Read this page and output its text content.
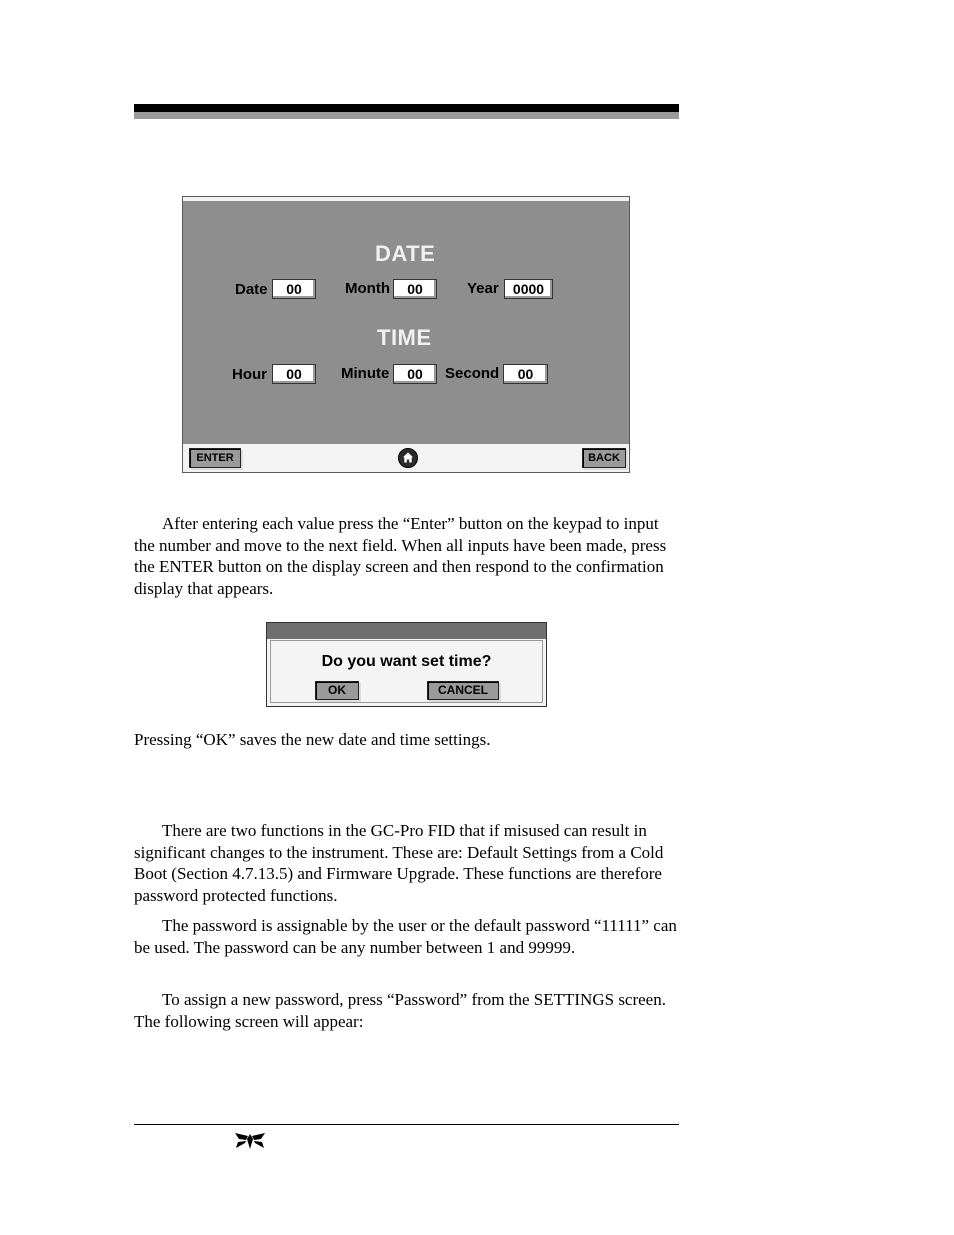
DATE
Date	00	Month	00	Year	0000
TIME
Hour	00	Minute	00	Second	00
ENTER	BACK

After entering each value press the “Enter” button on the keypad to input the number and move to the next field. When all inputs have been made, press the ENTER button on the display screen and then respond to the confirmation display that appears.

Do you want set time?
OK	CANCEL

Pressing “OK” saves the new date and time settings.

There are two functions in the GC-Pro FID that if misused can result in significant changes to the instrument. These are: Default Settings from a Cold Boot (Section 4.7.13.5) and Firmware Upgrade. These functions are therefore password protected functions.

The password is assignable by the user or the default password “11111” can be used. The password can be any number between 1 and 99999.

To assign a new password, press “Password” from the SETTINGS screen. The following screen will appear:
